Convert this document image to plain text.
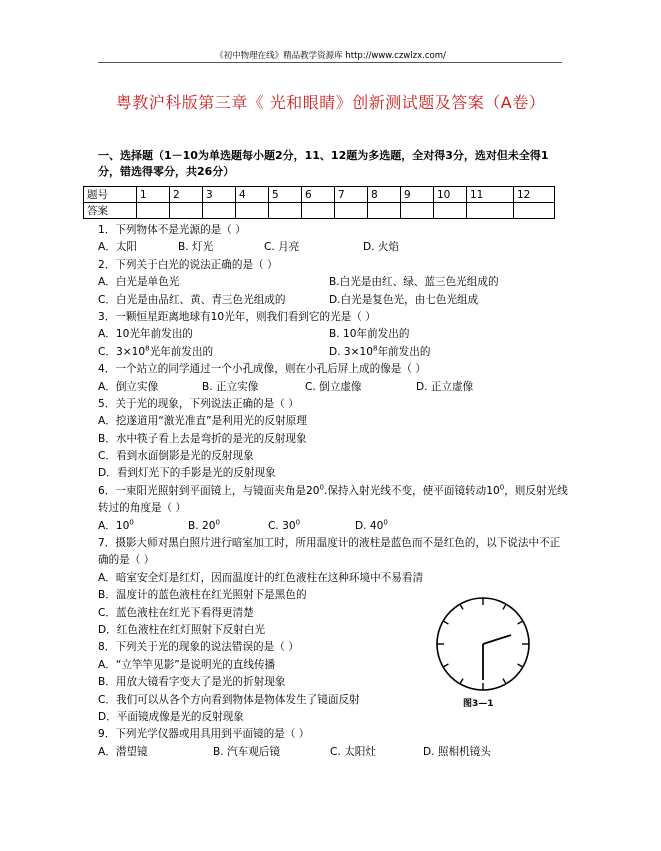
《初中物理在线》精品教学资源库 http://www.czwlzx.com/
粤教沪科版第三章《 光和眼睛》创新测试题及答案（A卷）
一、选择题（1－10为单选题每小题2分，11、12题为多选题，全对得3分，选对但未全得1分，错选得零分，共26分）
题号	1	2	3	4	5	6	7	8	9	10	11	12
答案												
1．下列物体不是光源的是（ ）
A．太阳	B. 灯光	C. 月亮	D. 火焰
2．下列关于白光的说法正确的是（ ）
A．白光是单色光	B.白光是由红、绿、蓝三色光组成的
C．白光是由品红、黄、青三色光组成的	D.白光是复色光，由七色光组成
3．一颗恒星距离地球有10光年，则我们看到它的光是（ ）
A．10光年前发出的	B. 10年前发出的
C．$3\times 10^8$光年前发出的	D. $3\times 10^8$年前发出的
4．一个站立的同学通过一个小孔成像，则在小孔后屏上成的像是（ ）
A．倒立实像	B. 正立实像	C. 倒立虚像	D. 正立虚像
5．关于光的现象，下列说法正确的是（ ）
A．挖遂道用“激光准直”是利用光的反射原理
B．水中筷子看上去是弯折的是光的反射现象
C．看到水面倒影是光的反射现象
D．看到灯光下的手影是光的反射现象
6．一束阳光照射到平面镜上，与镜面夹角是$20^0$.保持入射光线不变，使平面镜转动$10^0$，则反射光线转过的角度是（ ）
A．$10^0$	B. $20^0$	C. $30^0$	D. $40^0$
7．摄影大师对黑白照片进行暗室加工时，所用温度计的液柱是蓝色而不是红色的，以下说法中不正确的是（ ）
A．暗室安全灯是红灯，因而温度计的红色液柱在这种环境中不易看清
B．温度计的蓝色液柱在红光照射下是黑色的
C．蓝色液柱在红光下看得更清楚
D．红色液柱在红灯照射下反射白光
8．下列关于光的现象的说法错误的是（ ）
A．“立竿竿见影”是说明光的直线传播
B．用放大镜看字变大了是光的折射现象
C．我们可以从各个方向看到物体是物体发生了镜面反射
D．平面镜成像是光的反射现象
9．下列光学仪器或用具用到平面镜的是（ ）
A．潜望镜	B. 汽车观后镜	C. 太阳灶	D. 照相机镜头
图3—1
